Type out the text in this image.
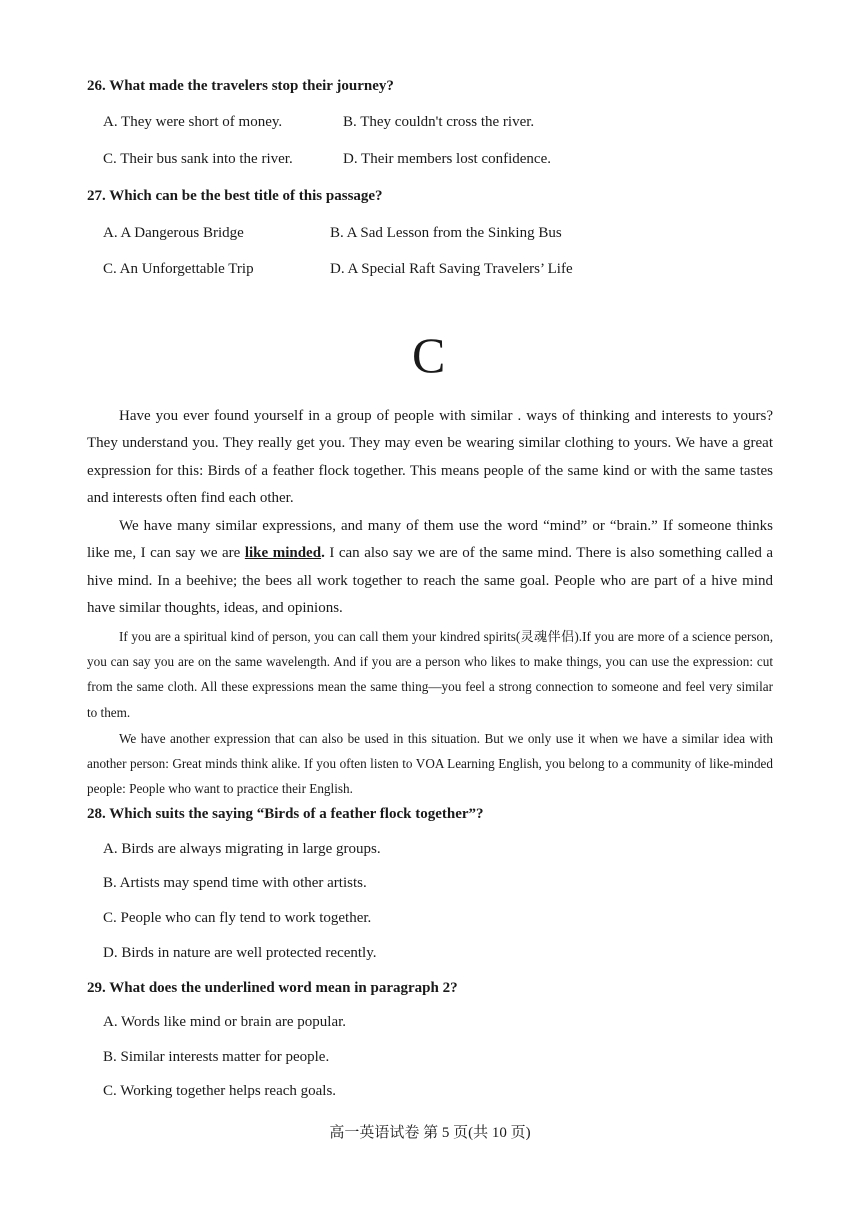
26. What made the travelers stop their journey?
A. They were short of money.	B. They couldn't cross the river.
C. Their bus sank into the river.	D. Their members lost confidence.
27. Which can be the best title of this passage?
A. A Dangerous Bridge	B. A Sad Lesson from the Sinking Bus
C. An Unforgettable Trip	D. A Special Raft Saving Travelers’ Life
C
Have you ever found yourself in a group of people with similar . ways of thinking and interests to yours? They understand you. They really get you. They may even be wearing similar clothing to yours. We have a great expression for this: Birds of a feather flock together. This means people of the same kind or with the same tastes and interests often find each other.
We have many similar expressions, and many of them use the word “mind” or “brain.” If someone thinks like me, I can say we are like minded. I can also say we are of the same mind. There is also something called a hive mind. In a beehive; the bees all work together to reach the same goal. People who are part of a hive mind have similar thoughts, ideas, and opinions.
If you are a spiritual kind of person, you can call them your kindred spirits(灵魂伴侣).If you are more of a science person, you can say you are on the same wavelength. And if you are a person who likes to make things, you can use the expression: cut from the same cloth. All these expressions mean the same thing—you feel a strong connection to someone and feel very similar to them.
We have another expression that can also be used in this situation. But we only use it when we have a similar idea with another person: Great minds think alike. If you often listen to VOA Learning English, you belong to a community of like-minded people: People who want to practice their English.
28. Which suits the saying “Birds of a feather flock together”?
A. Birds are always migrating in large groups.
B. Artists may spend time with other artists.
C. People who can fly tend to work together.
D. Birds in nature are well protected recently.
29. What does the underlined word mean in paragraph 2?
A. Words like mind or brain are popular.
B. Similar interests matter for people.
C. Working together helps reach goals.
高一英语试卷 第 5 页(共 10 页)
